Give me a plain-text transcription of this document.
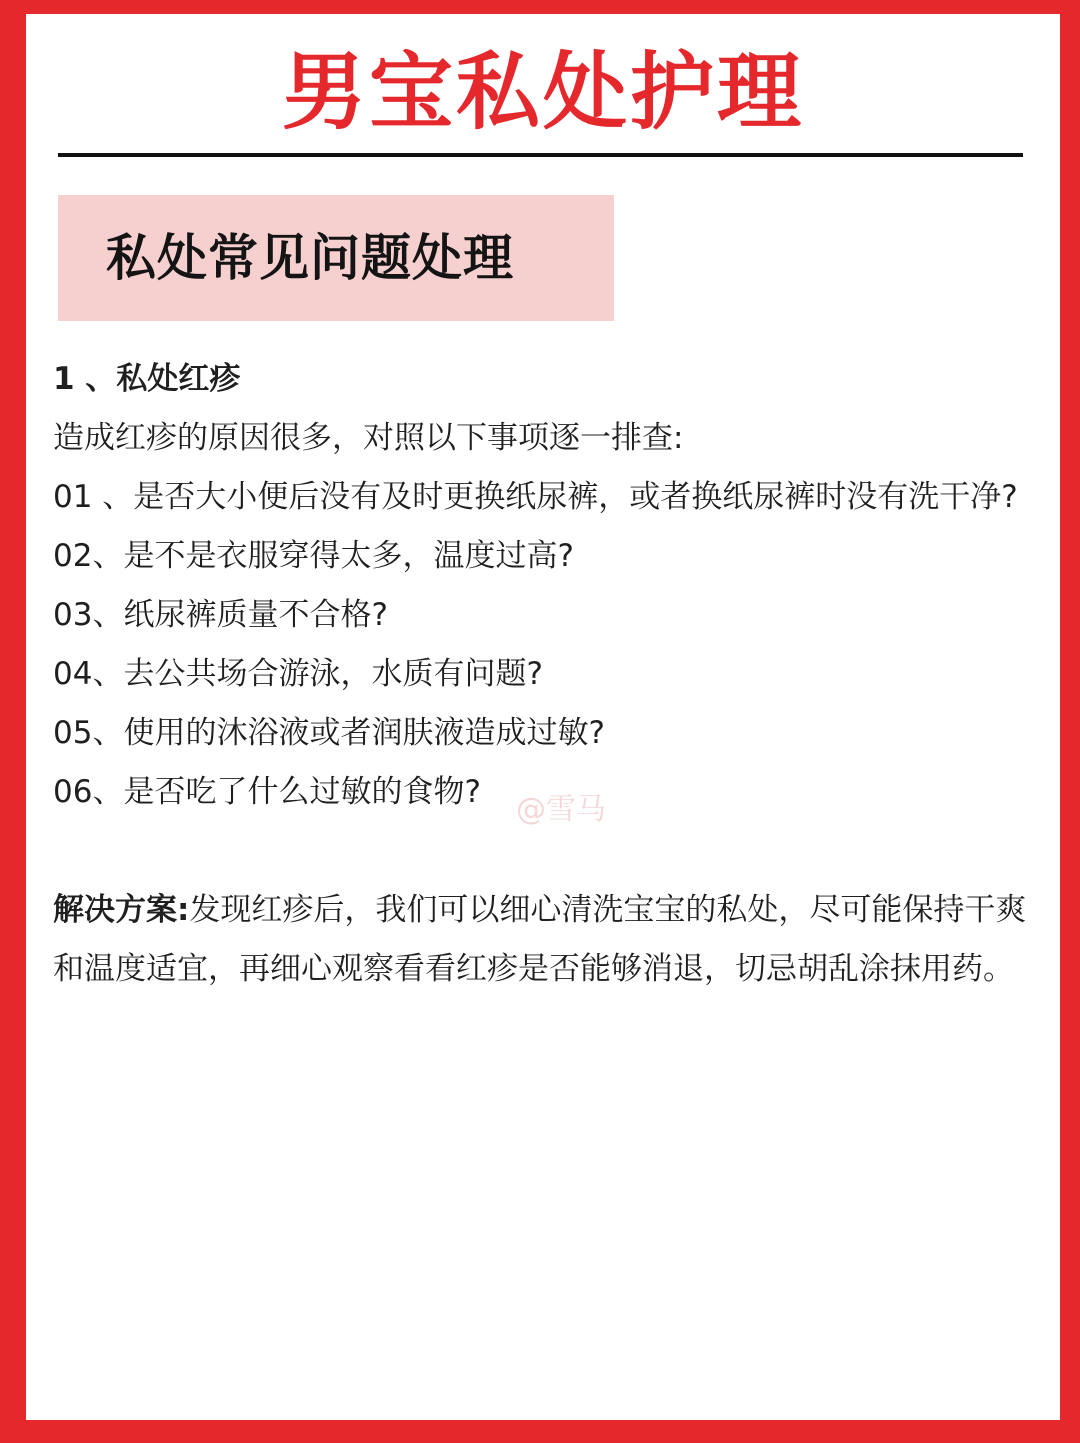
男宝私处护理
私处常见问题处理

1 、私处红疹

造成红疹的原因很多，对照以下事项逐一排查:

01 、是否大小便后没有及时更换纸尿裤，或者换纸尿裤时没有洗干净?

02、是不是衣服穿得太多，温度过高?

03、纸尿裤质量不合格?

04、去公共场合游泳，水质有问题?

05、使用的沐浴液或者润肤液造成过敏?

06、是否吃了什么过敏的食物?

解决方案:发现红疹后，我们可以细心清洗宝宝的私处，尽可能保持干爽和温度适宜，再细心观察看看红疹是否能够消退，切忌胡乱涂抹用药。

@雪马
